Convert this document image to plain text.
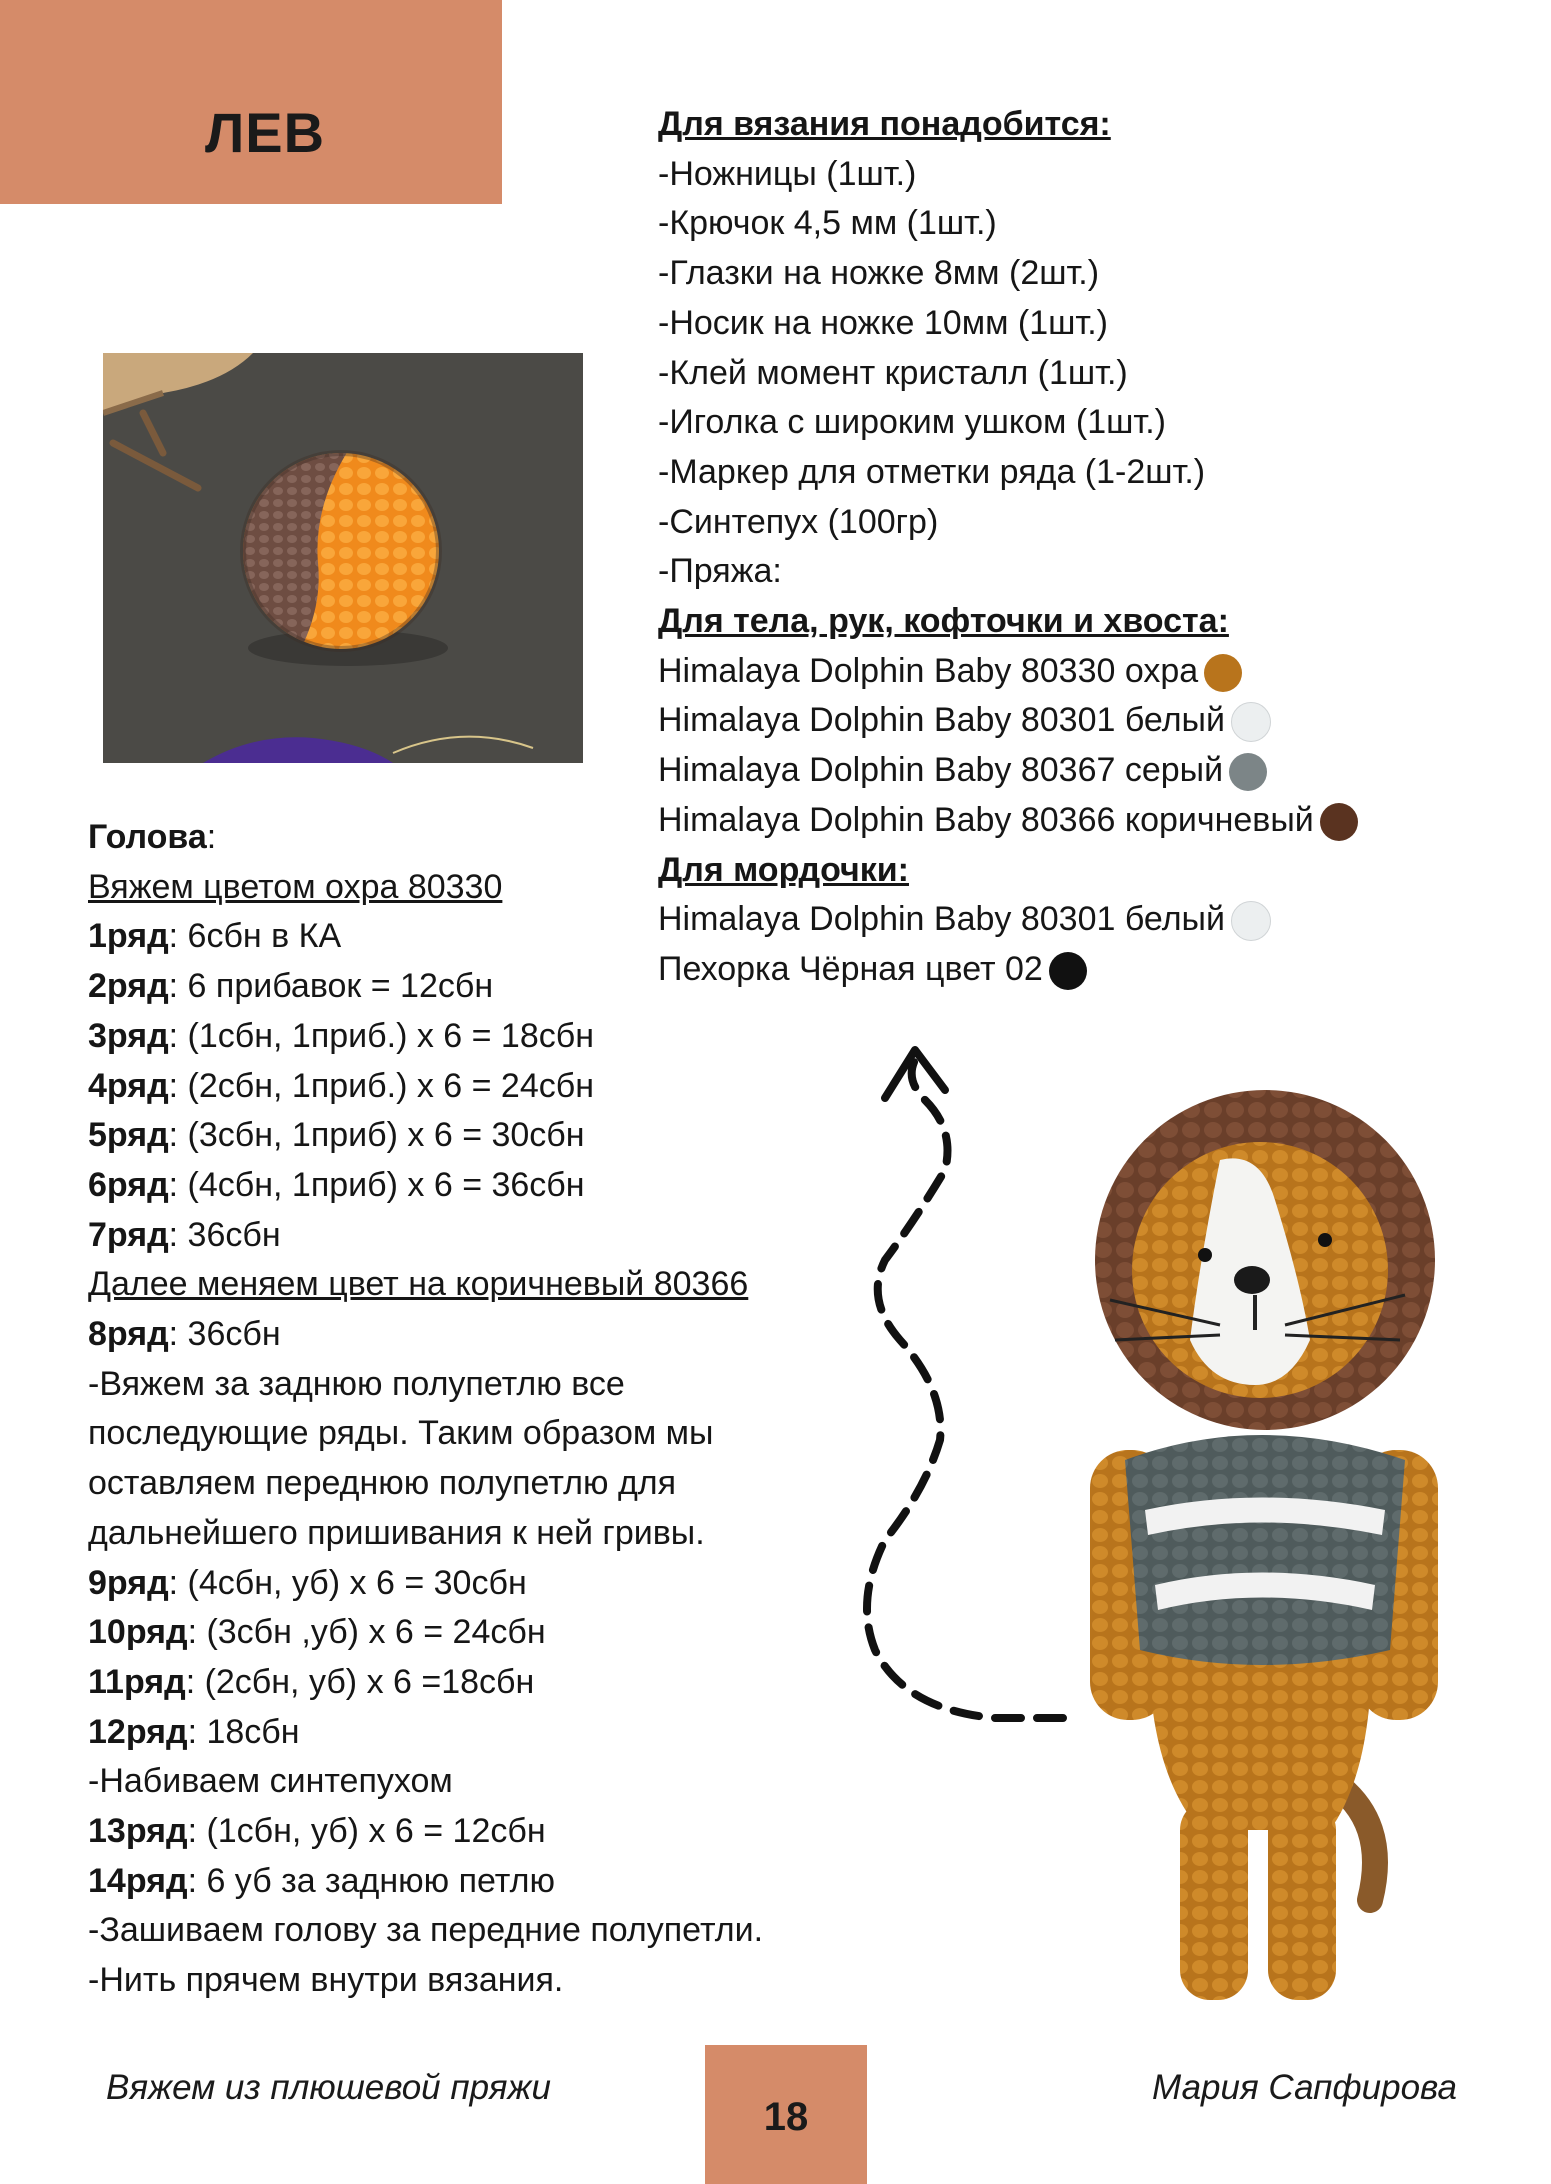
ЛЕВ	Для вязания понадобится:
-Ножницы (1шт.)
-Крючок 4,5 мм (1шт.)
-Глазки на ножке 8мм (2шт.)
-Носик на ножке 10мм (1шт.)
-Клей момент кристалл (1шт.)
-Иголка с широким ушком (1шт.)
-Маркер для отметки ряда (1-2шт.)
-Синтепух (100гр)
-Пряжа:
Для тела, рук, кофточки и хвоста:
Himalaya Dolphin Baby 80330 охра
Himalaya Dolphin Baby 80301 белый
Himalaya Dolphin Baby 80367 серый
Himalaya Dolphin Baby 80366 коричневый
Для мордочки:
Himalaya Dolphin Baby 80301 белый
Пехорка Чёрная цвет 02
Голова:
Вяжем цветом охра 80330
1ряд: 6сбн в КА
2ряд: 6 прибавок = 12сбн
3ряд: (1сбн, 1приб.) х 6 = 18сбн
4ряд: (2сбн, 1приб.) х 6 = 24сбн
5ряд: (3сбн, 1приб) х 6 = 30сбн
6ряд: (4сбн, 1приб) х 6 = 36сбн
7ряд: 36сбн
Далее меняем цвет на коричневый 80366
8ряд: 36сбн
-Вяжем за заднюю полупетлю все
последующие ряды. Таким образом мы
оставляем переднюю полупетлю для
дальнейшего пришивания к ней гривы.
9ряд: (4сбн, уб) х 6 = 30сбн
10ряд: (3сбн ,уб) х 6 = 24сбн
11ряд: (2сбн, уб) х 6 =18сбн
12ряд: 18сбн
-Набиваем синтепухом
13ряд: (1сбн, уб) х 6 = 12сбн
14ряд: 6 уб за заднюю петлю
-Зашиваем голову за передние полупетли.
-Нить прячем внутри вязания.
Вяжем из плюшевой пряжи
18
Мария Сапфирова
